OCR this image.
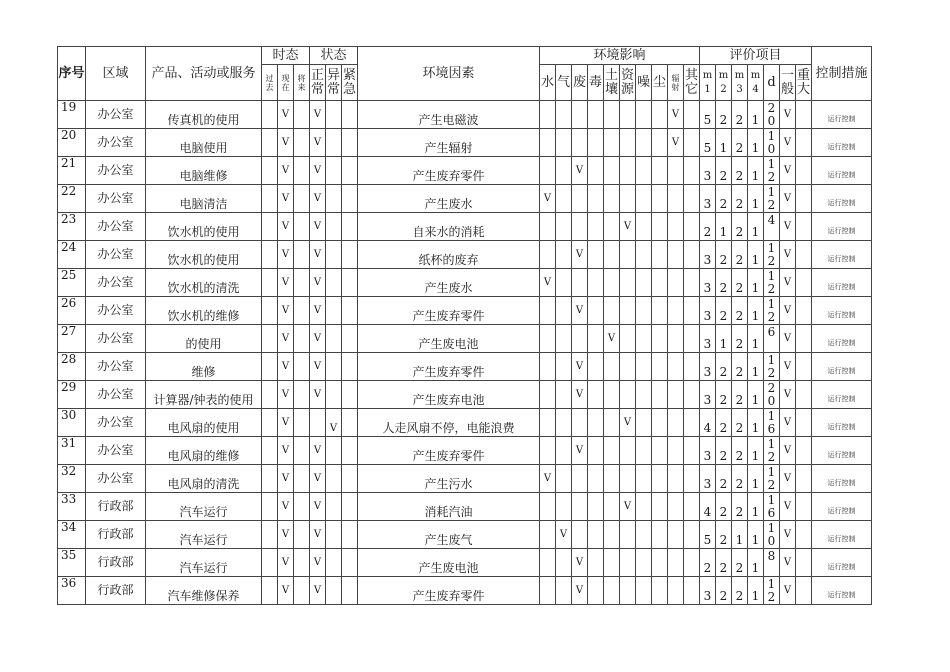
序号	区域	产品、活动或服务	时态			状态			环境因素	环境影响										评价项目							控制措施
			过去	现在	将来	正常	异常	紧急		水	气	废	毒	土壤	资源	噪	尘	辐射	其它	m1	m2	m3	m4	d	一般	重大	
19	办公室	传真机的使用		V		V			产生电磁波									V		5	2	2	1	20	V		运行控制
20	办公室	电脑使用		V		V			产生辐射									V		5	1	2	1	10	V		运行控制
21	办公室	电脑维修		V		V			产生废弃零件			V								3	2	2	1	12	V		运行控制
22	办公室	电脑清洁		V		V			产生废水	V										3	2	2	1	12	V		运行控制
23	办公室	饮水机的使用		V		V			自来水的消耗						V					2	1	2	1	4	V		运行控制
24	办公室	饮水机的使用		V		V			纸杯的废弃			V								3	2	2	1	12	V		运行控制
25	办公室	饮水机的清洗		V		V			产生废水	V										3	2	2	1	12	V		运行控制
26	办公室	饮水机的维修		V		V			产生废弃零件			V								3	2	2	1	12	V		运行控制
27	办公室	的使用		V		V			产生废电池					V						3	1	2	1	6	V		运行控制
28	办公室	维修		V		V			产生废弃零件			V								3	2	2	1	12	V		运行控制
29	办公室	计算器/钟表的使用		V		V			产生废弃电池			V								3	2	2	1	20	V		运行控制
30	办公室	电风扇的使用		V			V		人走风扇不停，电能浪费						V					4	2	2	1	16	V		运行控制
31	办公室	电风扇的维修		V		V			产生废弃零件			V								3	2	2	1	12	V		运行控制
32	办公室	电风扇的清洗		V		V			产生污水	V										3	2	2	1	12	V		运行控制
33	行政部	汽车运行		V		V			消耗汽油						V					4	2	2	1	16	V		运行控制
34	行政部	汽车运行		V		V			产生废气		V									5	2	1	1	10	V		运行控制
35	行政部	汽车运行		V		V			产生废电池			V								2	2	2	1	8	V		运行控制
36	行政部	汽车维修保养		V		V			产生废弃零件			V								3	2	2	1	12	V		运行控制
